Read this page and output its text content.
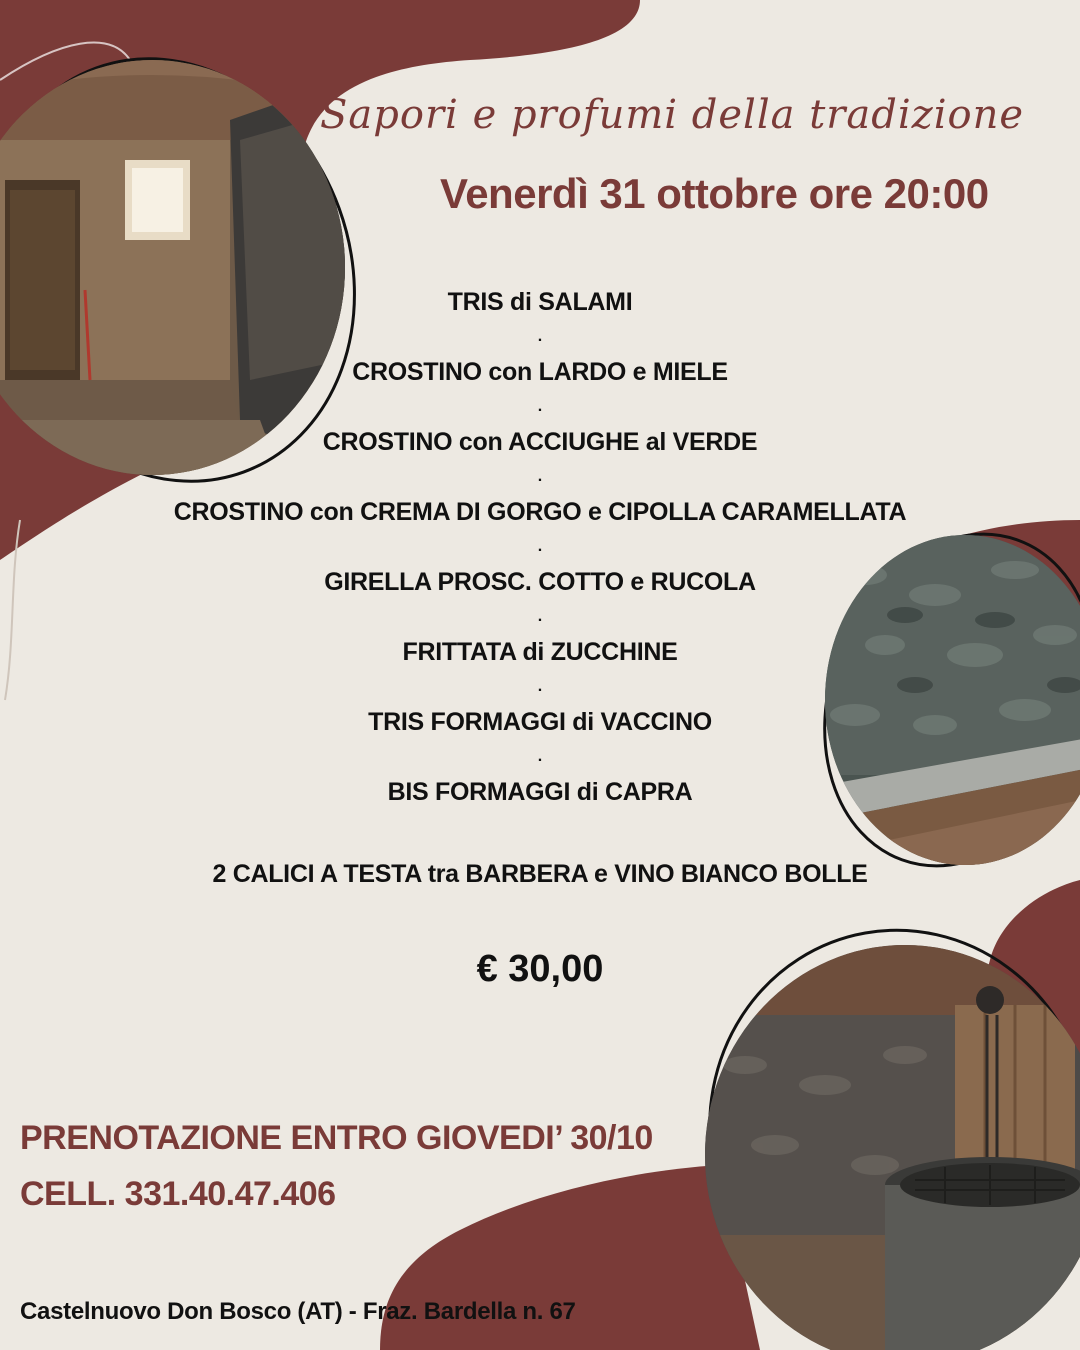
Sapori e profumi della tradizione
Venerdì 31 ottobre ore 20:00
TRIS di SALAMI
.
CROSTINO con LARDO e MIELE
.
CROSTINO con ACCIUGHE al VERDE
.
CROSTINO con CREMA DI GORGO e CIPOLLA CARAMELLATA
.
GIRELLA PROSC. COTTO e RUCOLA
.
FRITTATA di ZUCCHINE
.
TRIS FORMAGGI di VACCINO
.
BIS FORMAGGI di CAPRA
2 CALICI A TESTA tra BARBERA e VINO BIANCO BOLLE
€ 30,00
PRENOTAZIONE ENTRO GIOVEDI’ 30/10
CELL. 331.40.47.406
Castelnuovo Don Bosco (AT) - Fraz. Bardella n. 67
